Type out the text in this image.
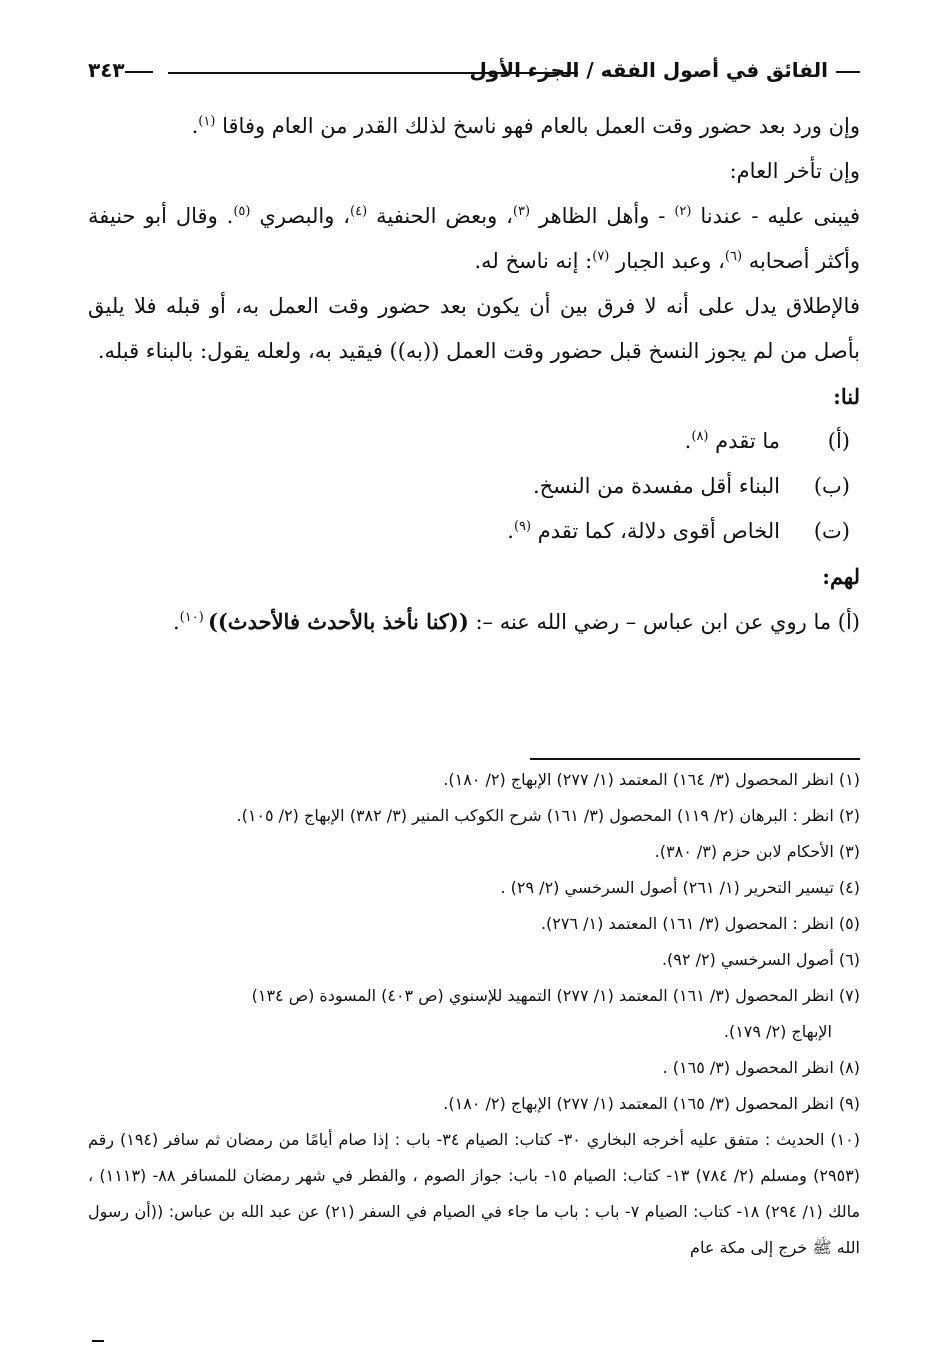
الفائق في أصول الفقه / الجزء الأول
٣٤٣

وإن ورد بعد حضور وقت العمل بالعام فهو ناسخ لذلك القدر من العام وفاقا $^{(١)}$.

وإن تأخر العام:

فيبنى عليه - عندنا $^{(٢)}$ - وأهل الظاهر $^{(٣)}$، وبعض الحنفية $^{(٤)}$، والبصري $^{(٥)}$. وقال أبو حنيفة وأكثر أصحابه $^{(٦)}$، وعبد الجبار $^{(٧)}$: إنه ناسخ له.

فالإطلاق يدل على أنه لا فرق بين أن يكون بعد حضور وقت العمل به، أو قبله فلا يليق بأصل من لم يجوز النسخ قبل حضور وقت العمل ((به)) فيقيد به، ولعله يقول: بالبناء قبله.

لنا:

(أ)
ما تقدم $^{(٨)}$.
(ب)
البناء أقل مفسدة من النسخ.
(ت)
الخاص أقوى دلالة، كما تقدم $^{(٩)}$.

لهم:

(أ) ما روي عن ابن عباس – رضي الله عنه –: ((كنا نأخذ بالأحدث فالأحدث)) $^{(١٠)}$.

(١) انظر المحصول (٣/ ١٦٤) المعتمد (١/ ٢٧٧) الإبهاج (٢/ ١٨٠).

(٢) انظر : البرهان (٢/ ١١٩) المحصول (٣/ ١٦١) شرح الكوكب المنير (٣/ ٣٨٢) الإبهاج (٢/ ١٠٥).

(٣) الأحكام لابن حزم (٣/ ٣٨٠).

(٤) تيسير التحرير (١/ ٢٦١) أصول السرخسي (٢/ ٢٩) .

(٥) انظر : المحصول (٣/ ١٦١) المعتمد (١/ ٢٧٦).

(٦) أصول السرخسي (٢/ ٩٢).

(٧) انظر المحصول (٣/ ١٦١) المعتمد (١/ ٢٧٧) التمهيد للإسنوي (ص ٤٠٣) المسودة (ص ١٣٤)

الإبهاج (٢/ ١٧٩).

(٨) انظر المحصول (٣/ ١٦٥) .

(٩) انظر المحصول (٣/ ١٦٥) المعتمد (١/ ٢٧٧) الإبهاج (٢/ ١٨٠).

(١٠) الحديث : متفق عليه أخرجه البخاري ٣٠- كتاب: الصيام ٣٤- باب : إذا صام أيامًا من رمضان ثم سافر (١٩٤) رقم (٢٩٥٣) ومسلم (٢/ ٧٨٤) ١٣- كتاب: الصيام ١٥- باب: جواز الصوم ، والفطر في شهر رمضان للمسافر ٨٨- (١١١٣) ، مالك (١/ ٢٩٤) ١٨- كتاب: الصيام ٧- باب : باب ما جاء في الصيام في السفر (٢١) عن عبد الله بن عباس: ((أن رسول الله ﷺ خرج إلى مكة عام
